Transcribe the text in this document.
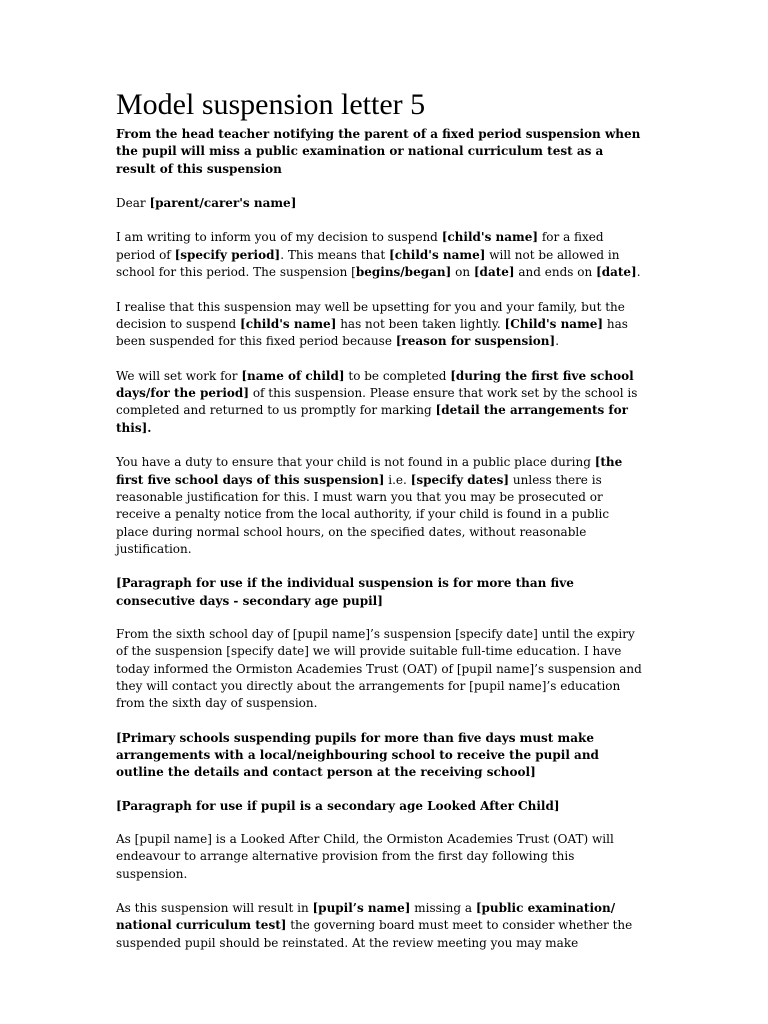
Model suspension letter 5
From the head teacher notifying the parent of a fixed period suspension when the pupil will miss a public examination or national curriculum test as a result of this suspension
Dear [parent/carer's name]
I am writing to inform you of my decision to suspend [child's name] for a fixed period of [specify period]. This means that [child's name] will not be allowed in school for this period. The suspension [begins/began] on [date] and ends on [date].
I realise that this suspension may well be upsetting for you and your family, but the decision to suspend [child's name] has not been taken lightly. [Child's name] has been suspended for this fixed period because [reason for suspension].
We will set work for [name of child] to be completed [during the first five school days/for the period] of this suspension. Please ensure that work set by the school is completed and returned to us promptly for marking [detail the arrangements for this].
You have a duty to ensure that your child is not found in a public place during [the first five school days of this suspension] i.e. [specify dates] unless there is reasonable justification for this. I must warn you that you may be prosecuted or receive a penalty notice from the local authority, if your child is found in a public place during normal school hours, on the specified dates, without reasonable justification.
[Paragraph for use if the individual suspension is for more than five consecutive days - secondary age pupil]
From the sixth school day of [pupil name]’s suspension [specify date] until the expiry of the suspension [specify date] we will provide suitable full-time education. I have today informed the Ormiston Academies Trust (OAT) of [pupil name]’s suspension and they will contact you directly about the arrangements for [pupil name]’s education from the sixth day of suspension.
[Primary schools suspending pupils for more than five days must make arrangements with a local/neighbouring school to receive the pupil and outline the details and contact person at the receiving school]
[Paragraph for use if pupil is a secondary age Looked After Child]
As [pupil name] is a Looked After Child, the Ormiston Academies Trust (OAT) will endeavour to arrange alternative provision from the first day following this suspension.
As this suspension will result in [pupil’s name] missing a [public examination/ national curriculum test] the governing board must meet to consider whether the suspended pupil should be reinstated. At the review meeting you may make
